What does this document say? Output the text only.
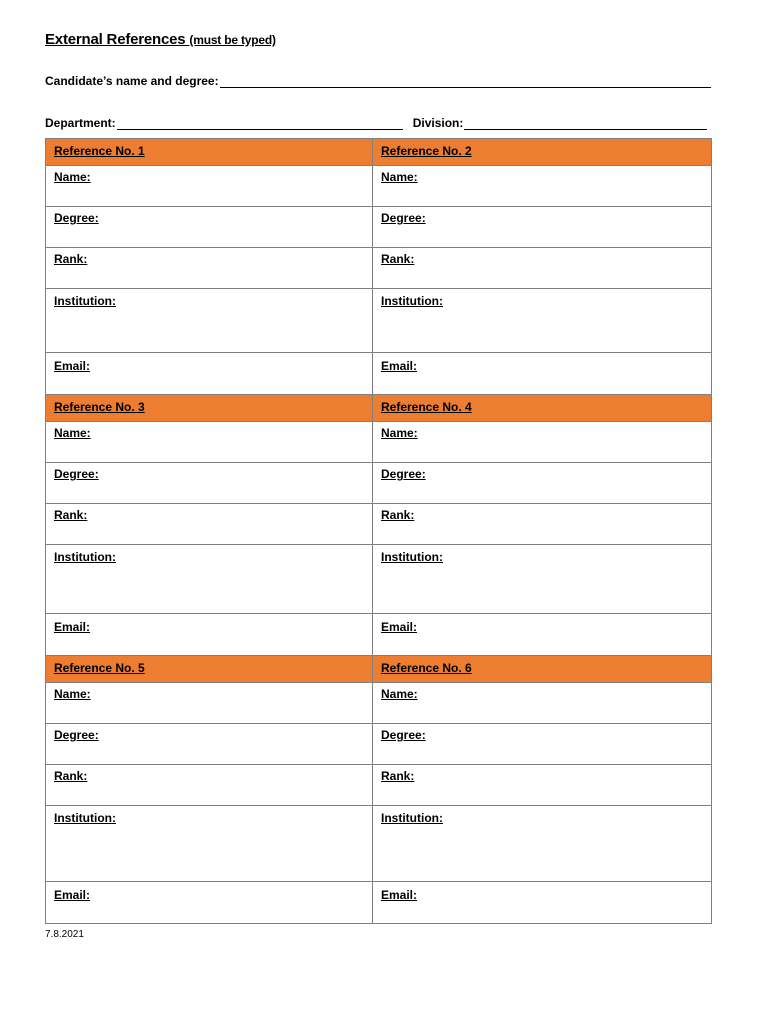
External References (must be typed)
Candidate’s name and degree:
Department:	Division:
Reference No. 1	Reference No. 2
Name:	Name:
Degree:	Degree:
Rank:	Rank:
Institution:	Institution:
Email:	Email:
Reference No. 3	Reference No. 4
Name:	Name:
Degree:	Degree:
Rank:	Rank:
Institution:	Institution:
Email:	Email:
Reference No. 5	Reference No. 6
Name:	Name:
Degree:	Degree:
Rank:	Rank:
Institution:	Institution:
Email:	Email:
7.8.2021
